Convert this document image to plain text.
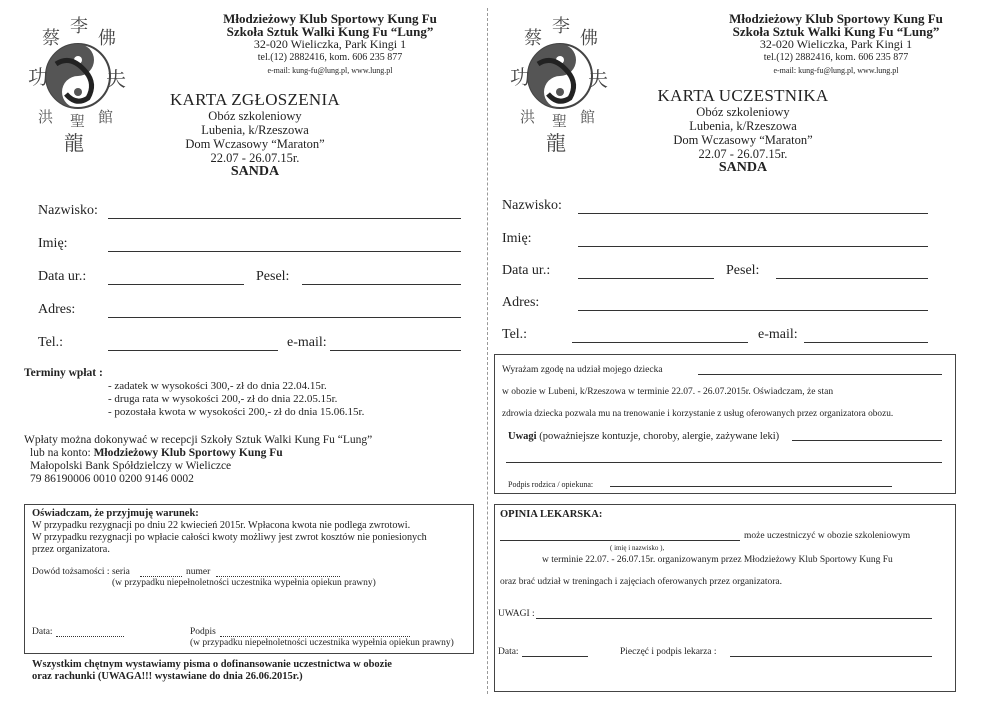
蔡
李
佛
功	夫
洪 聖 館
龍
Młodzieżowy Klub Sportowy Kung Fu
Szkoła Sztuk Walki Kung Fu “Lung”
32-020 Wieliczka, Park Kingi 1
tel.(12) 2882416, kom. 606 235 877
e-mail: kung-fu@lung.pl, www.lung.pl
KARTA ZGŁOSZENIA
Obóz szkoleniowy
Lubenia, k/Rzeszowa
Dom Wczasowy “Maraton”
22.07 - 26.07.15r.
SANDA
Nazwisko:
Imię:
Data ur.:	Pesel:
Adres:
Tel.:	e-mail:
Terminy wpłat :
- zadatek w wysokości 300,- zł do dnia 22.04.15r.
- druga rata w wysokości 200,- zł do dnia 22.05.15r.
- pozostała kwota w wysokości 200,- zł do dnia 15.06.15r.
Wpłaty można dokonywać w recepcji Szkoły Sztuk Walki Kung Fu “Lung”
lub na konto: Młodzieżowy Klub Sportowy Kung Fu
Małopolski Bank Spółdzielczy w Wieliczce
79 86190006 0010 0200 9146 0002
Oświadczam, że przyjmuję warunek:
W przypadku rezygnacji po dniu 22 kwiecień 2015r. Wpłacona kwota nie podlega zwrotowi.
W przypadku rezygnacji po wpłacie całości kwoty możliwy jest zwrot kosztów nie poniesionych
przez organizatora.
Dowód tożsamości : seria	numer
(w przypadku niepełnoletności uczestnika wypełnia opiekun prawny)
Data:	Podpis
(w przypadku niepełnoletności uczestnika wypełnia opiekun prawny)
Wszystkim chętnym wystawiamy pisma o dofinansowanie uczestnictwa w obozie
oraz rachunki (UWAGA!!! wystawiane do dnia 26.06.2015r.)
蔡
李
佛
功	夫
洪 聖 館
龍
Młodzieżowy Klub Sportowy Kung Fu
Szkoła Sztuk Walki Kung Fu “Lung”
32-020 Wieliczka, Park Kingi 1
tel.(12) 2882416, kom. 606 235 877
e-mail: kung-fu@lung.pl, www.lung.pl
KARTA UCZESTNIKA
Obóz szkoleniowy
Lubenia, k/Rzeszowa
Dom Wczasowy “Maraton”
22.07 - 26.07.15r.
SANDA
Nazwisko:
Imię:
Data ur.:	Pesel:
Adres:
Tel.:	e-mail:
Wyrażam zgodę na udział mojego dziecka
w obozie w Lubeni, k/Rzeszowa w terminie 22.07. - 26.07.2015r. Oświadczam, że stan
zdrowia dziecka pozwala mu na trenowanie i korzystanie z usług oferowanych przez organizatora obozu.
Uwagi (poważniejsze kontuzje, choroby, alergie, zażywane leki)
Podpis rodzica / opiekuna:
OPINIA LEKARSKA:
może uczestniczyć w obozie szkoleniowym
( imię i nazwisko ),
w terminie 22.07. - 26.07.15r. organizowanym przez Młodzieżowy Klub Sportowy Kung Fu
oraz brać udział w treningach i zajęciach oferowanych przez organizatora.
UWAGI :
Data:	Pieczęć i podpis lekarza :
